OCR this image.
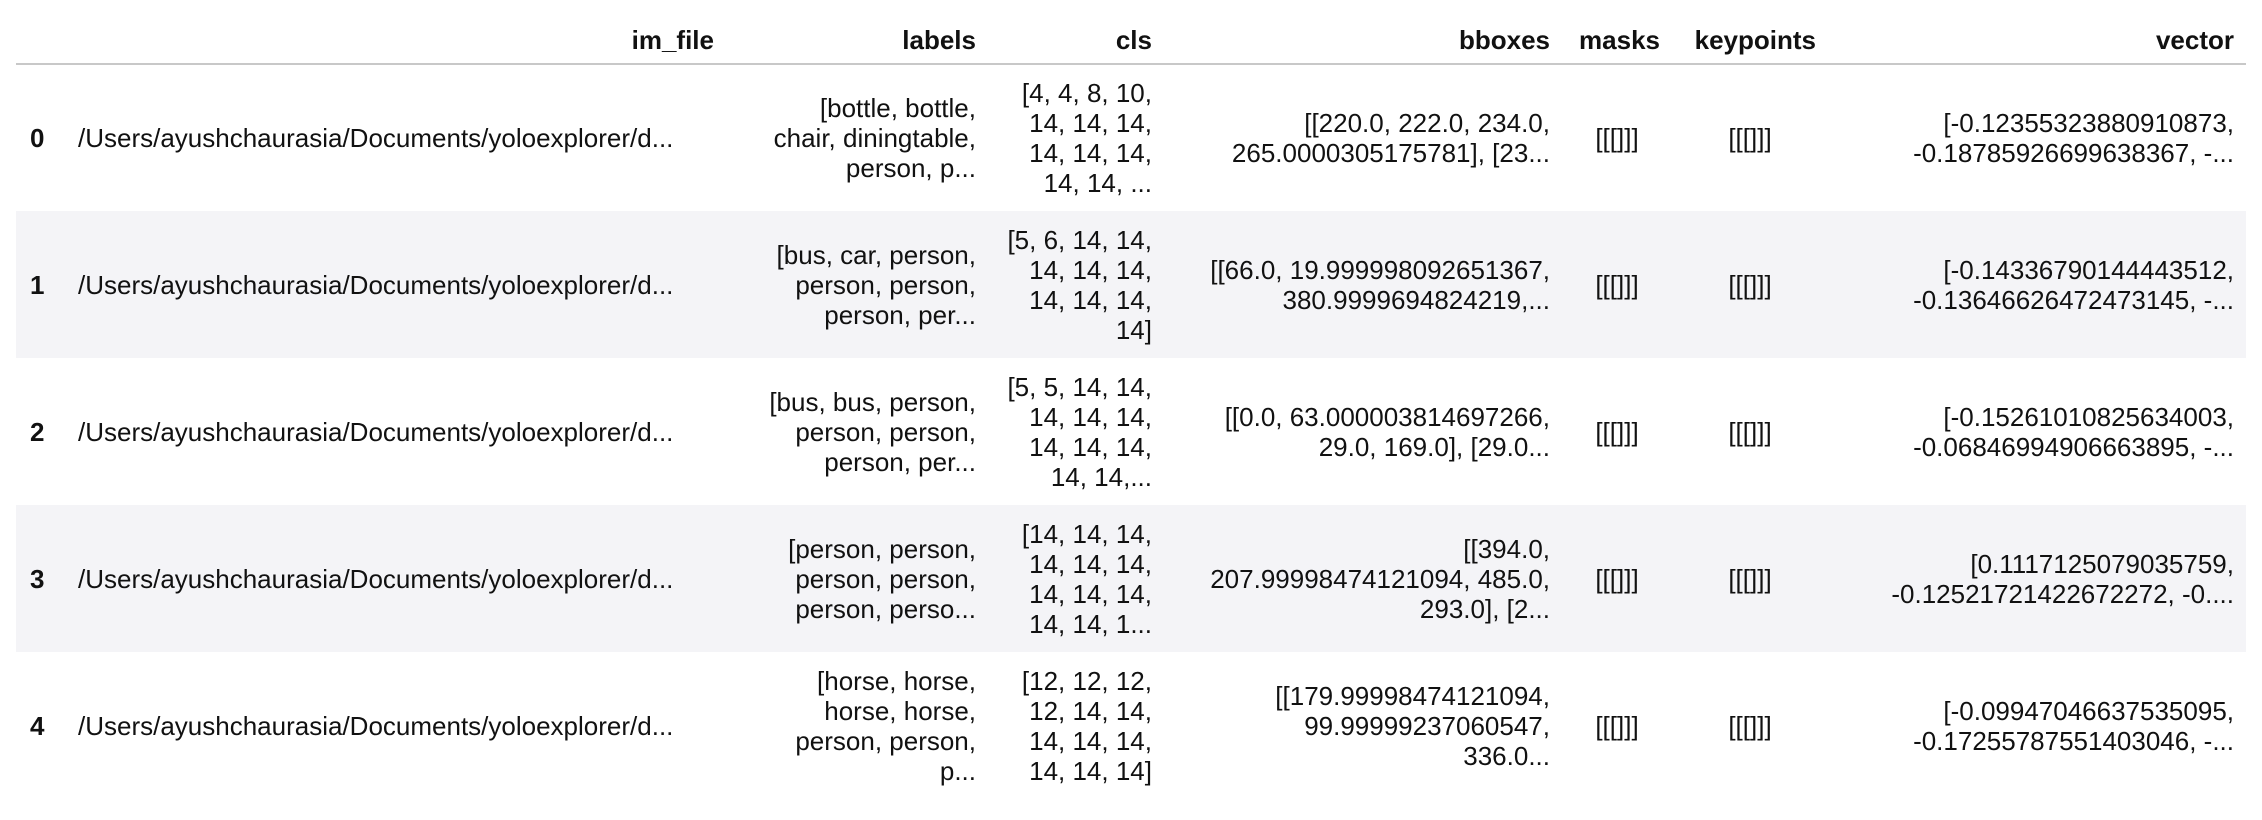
	im_file	labels	cls	bboxes	masks	keypoints	vector
0	/Users/ayushchaurasia/Documents/yoloexplorer/d...	[bottle, bottle,
chair, diningtable,
person, p...	[4, 4, 8, 10,
14, 14, 14,
14, 14, 14,
14, 14, ...	[[220.0, 222.0, 234.0,
265.0000305175781], [23...	[[[]]]	[[[]]]	[-0.12355323880910873,
-0.18785926699638367, -...
1	/Users/ayushchaurasia/Documents/yoloexplorer/d...	[bus, car, person,
person, person,
person, per...	[5, 6, 14, 14,
14, 14, 14,
14, 14, 14,
14]	[[66.0, 19.999998092651367,
380.9999694824219,...	[[[]]]	[[[]]]	[-0.14336790144443512,
-0.13646626472473145, -...
2	/Users/ayushchaurasia/Documents/yoloexplorer/d...	[bus, bus, person,
person, person,
person, per...	[5, 5, 14, 14,
14, 14, 14,
14, 14, 14,
14, 14,...	[[0.0, 63.000003814697266,
29.0, 169.0], [29.0...	[[[]]]	[[[]]]	[-0.15261010825634003,
-0.06846994906663895, -...
3	/Users/ayushchaurasia/Documents/yoloexplorer/d...	[person, person,
person, person,
person, perso...	[14, 14, 14,
14, 14, 14,
14, 14, 14,
14, 14, 1...	[[394.0,
207.99998474121094, 485.0,
293.0], [2...	[[[]]]	[[[]]]	[0.1117125079035759,
-0.12521721422672272, -0....
4	/Users/ayushchaurasia/Documents/yoloexplorer/d...	[horse, horse,
horse, horse,
person, person,
p...	[12, 12, 12,
12, 14, 14,
14, 14, 14,
14, 14, 14]	[[179.99998474121094,
99.99999237060547,
336.0...	[[[]]]	[[[]]]	[-0.09947046637535095,
-0.17255787551403046, -...
